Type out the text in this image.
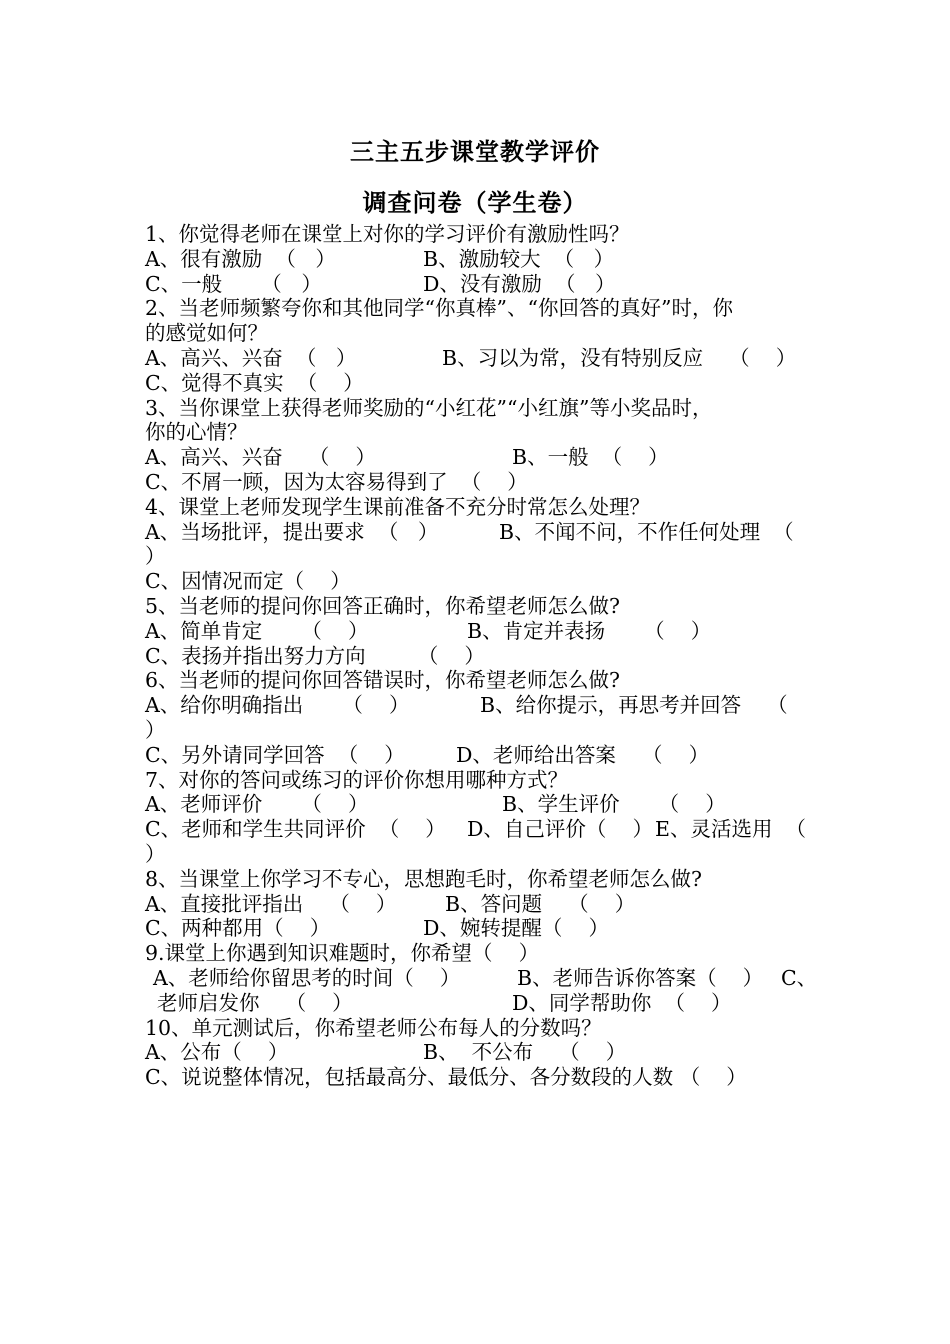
三主五步课堂教学评价
调查问卷（学生卷）
1、你觉得老师在课堂上对你的学习评价有激励性吗？

A、很有激励  （   ）

	B、激励较大  （   ）

C、一般      （   ）

	D、没有激励  （   ）

2、当老师频繁夸你和其他同学“你真棒”、“你回答的真好”时，你
的感觉如何？

A、高兴、兴奋  （   ）

	B、习以为常，没有特别反应    （    ）

C、觉得不真实  （    ）
3、当你课堂上获得老师奖励的“小红花”“小红旗”等小奖品时，
你的心情？

A、高兴、兴奋    （    ）

	B、一般  （    ）

C、不屑一顾，因为太容易得到了  （    ）
4、课堂上老师发现学生课前准备不充分时常怎么处理？

A、当场批评，提出要求  （   ）

	B、不闻不问，不作任何处理  （

）
C、因情况而定（    ）
5、当老师的提问你回答正确时，你希望老师怎么做?

A、简单肯定      （    ）

	B、肯定并表扬      （    ）

C、表扬并指出努力方向        （    ）
6、当老师的提问你回答错误时，你希望老师怎么做?

A、给你明确指出      （    ）

	B、给你提示，再思考并回答    （

）

C、另外请同学回答  （    ）

D、老师给出答案    （    ）

7、对你的答问或练习的评价你想用哪种方式？

A、老师评价      （    ）

	B、学生评价      （    ）

C、老师和学生共同评价  （    ）

D、自己评价（    ）

E、灵活选用  （

）
8、当课堂上你学习不专心，思想跑毛时，你希望老师怎么做?

A、直接批评指出    （    ）

B、答问题    （    ）

C、两种都用（    ）

	D、婉转提醒（    ）

9.课堂上你遇到知识难题时，你希望（    ）

A、老师给你留思考的时间（    ）

	B、老师告诉你答案（    ）

C、

老师启发你    （    ）

	D、同学帮助你  （    ）

10、单元测试后，你希望老师公布每人的分数吗？

A、公布（    ）

	B、  不公布    （    ）

C、说说整体情况，包括最高分、最低分、各分数段的人数 （    ）
